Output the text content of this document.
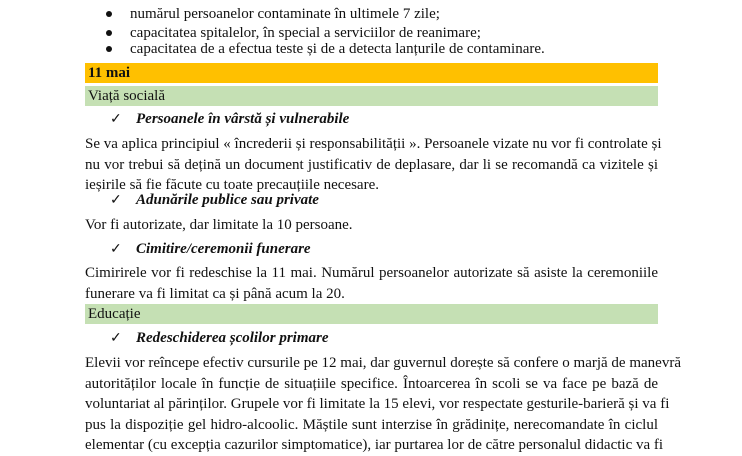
numărul persoanelor contaminate în ultimele 7 zile;
capacitatea spitalelor, în special a serviciilor de reanimare;
capacitatea de a efectua teste și de a detecta lanțurile de contaminare.
11 mai
Viață socială
✓ Persoanele în vârstă și vulnerabile
Se va aplica principiul « încrederii și responsabilității ». Persoanele vizate nu vor fi controlate și
nu vor trebui să dețină un document justificativ de deplasare, dar li se recomandă ca vizitele și
ieșirile să fie făcute cu toate precauțiile necesare.
✓ Adunările publice sau private
Vor fi autorizate, dar limitate la 10 persoane.
✓ Cimitire/ceremonii funerare
Cimirirele vor fi redeschise la 11 mai. Numărul persoanelor autorizate să asiste la ceremoniile
funerare va fi limitat ca și până acum la 20.
Educație
✓ Redeschiderea școlilor primare
Elevii vor reîncepe efectiv cursurile pe 12 mai, dar guvernul dorește să confere o marjă de manevră
autorităților locale în funcție de situațiile specifice. Întoarcerea în scoli se va face pe bază de
voluntariat al părinților. Grupele vor fi limitate la 15 elevi, vor respectate gesturile-barieră și va fi
pus la dispoziție gel hidro-alcoolic. Măștile sunt interzise în grădinițe, nerecomandate în ciclul
elementar (cu excepția cazurilor simptomatice), iar purtarea lor de către personalul didactic va fi
